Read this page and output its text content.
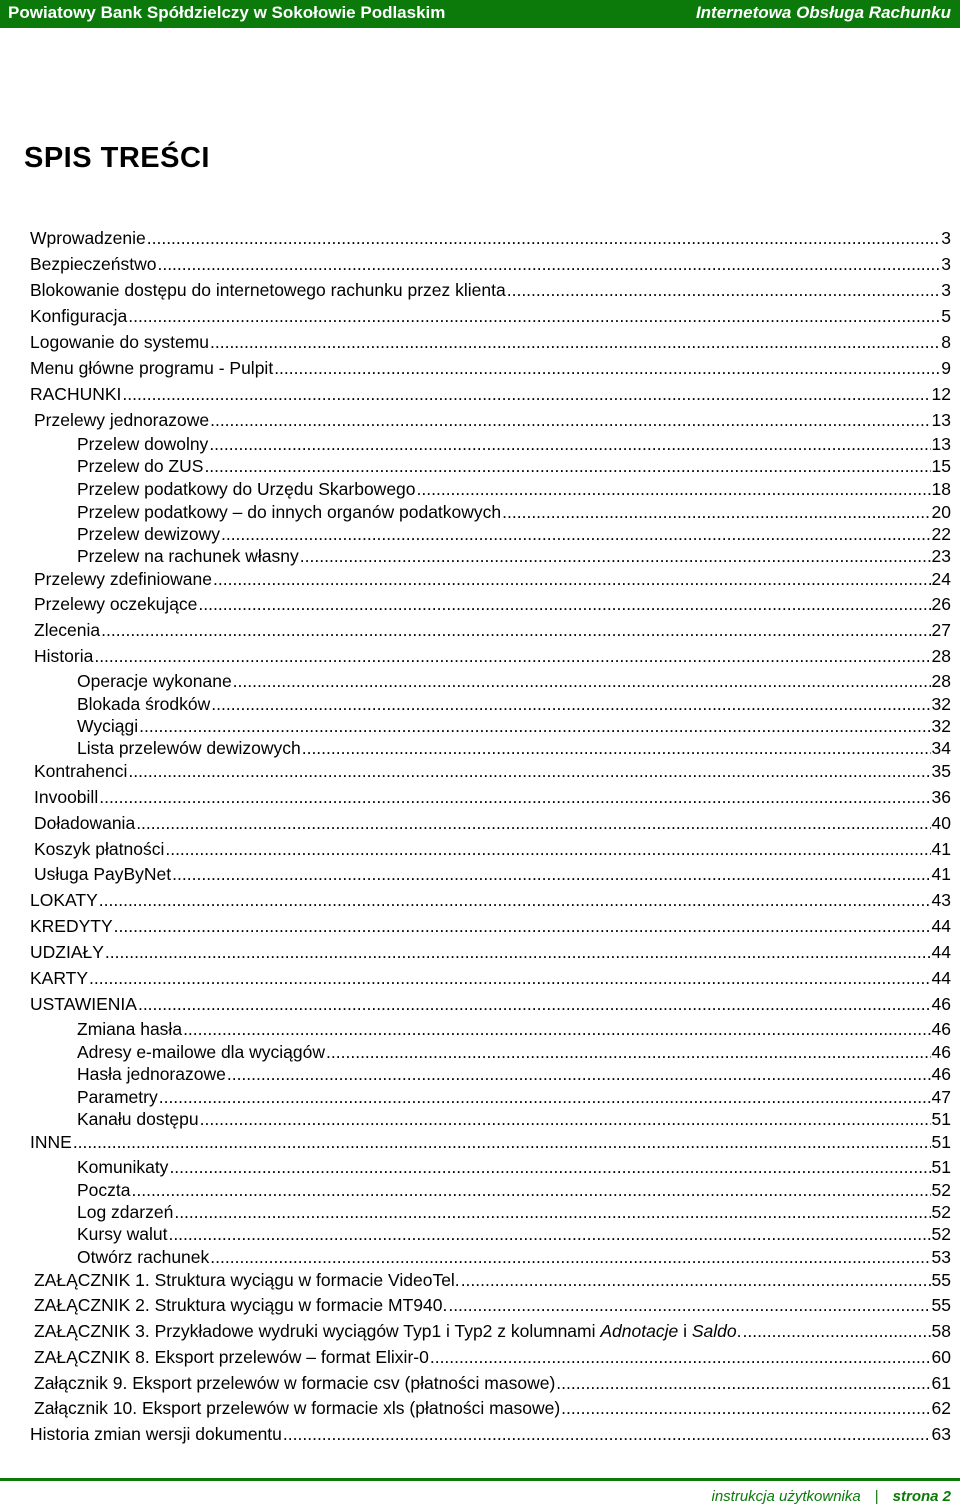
Powiatowy Bank Spółdzielczy w Sokołowie Podlaskim	Internetowa Obsługa Rachunku
SPIS TREŚCI
Wprowadzenie .....	3
Bezpieczeństwo .....	3
Blokowanie dostępu do internetowego rachunku przez klienta .....	3
Konfiguracja .....	5
Logowanie do systemu .....	8
Menu główne programu - Pulpit .....	9
RACHUNKI .....	12
Przelewy jednorazowe .....	13
Przelew dowolny .....	13
Przelew do ZUS .....	15
Przelew podatkowy do Urzędu Skarbowego .....	18
Przelew podatkowy – do innych organów podatkowych .....	20
Przelew dewizowy .....	22
Przelew na rachunek własny .....	23
Przelewy zdefiniowane .....	24
Przelewy oczekujące .....	26
Zlecenia .....	27
Historia .....	28
Operacje wykonane .....	28
Blokada środków .....	32
Wyciągi .....	32
Lista przelewów dewizowych .....	34
Kontrahenci .....	35
Invoobill .....	36
Doładowania .....	40
Koszyk płatności .....	41
Usługa PayByNet .....	41
LOKATY .....	43
KREDYTY .....	44
UDZIAŁY .....	44
KARTY .....	44
USTAWIENIA .....	46
Zmiana hasła .....	46
Adresy e-mailowe dla wyciągów .....	46
Hasła jednorazowe .....	46
Parametry .....	47
Kanału dostępu .....	51
INNE .....	51
Komunikaty .....	51
Poczta .....	52
Log zdarzeń .....	52
Kursy walut .....	52
Otwórz rachunek .....	53
ZAŁĄCZNIK 1. Struktura wyciągu w formacie VideoTel. .....	55
ZAŁĄCZNIK 2. Struktura wyciągu w formacie MT940. .....	55
ZAŁĄCZNIK 3. Przykładowe wydruki wyciągów Typ1 i Typ2 z kolumnami Adnotacje i Saldo. .....	58
ZAŁĄCZNIK 8. Eksport przelewów – format Elixir-0 .....	60
Załącznik 9. Eksport przelewów w formacie csv (płatności masowe) .....	61
Załącznik 10. Eksport przelewów w formacie xls (płatności masowe) .....	62
Historia zmian wersji dokumentu .....	63
instrukcja użytkownika | strona 2
